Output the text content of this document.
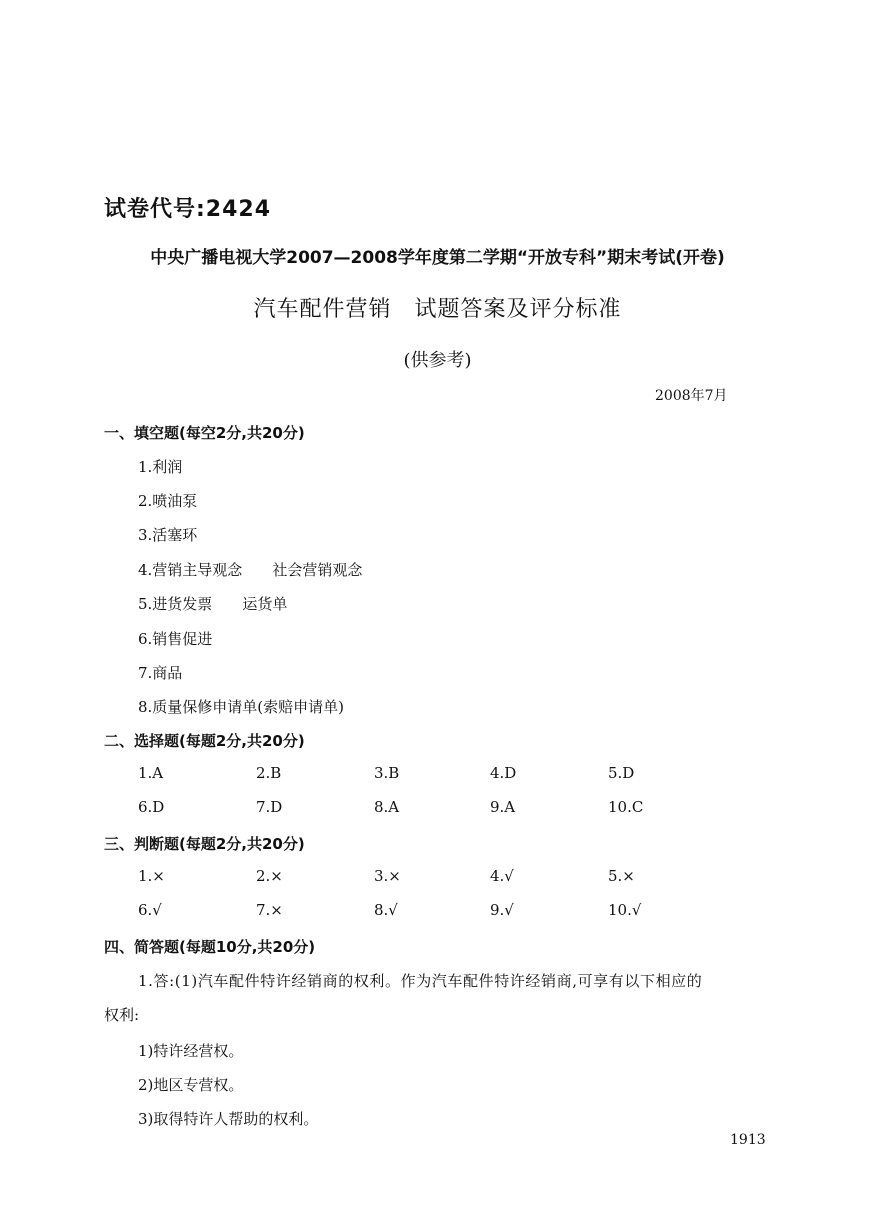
试卷代号:2424
中央广播电视大学2007—2008学年度第二学期“开放专科”期末考试(开卷)
汽车配件营销　试题答案及评分标准
(供参考)
2008年7月
一、填空题(每空2分,共20分)
1.利润
2.喷油泵
3.活塞环
4.营销主导观念 社会营销观念
5.进货发票 运货单
6.销售促进
7.商品
8.质量保修申请单(索赔申请单)
二、选择题(每题2分,共20分)
1.A	2.B	3.B	4.D	5.D
6.D	7.D	8.A	9.A	10.C
三、判断题(每题2分,共20分)
1.×	2.×	3.×	4.√	5.×
6.√	7.×	8.√	9.√	10.√
四、简答题(每题10分,共20分)
1.答:(1)汽车配件特许经销商的权利。作为汽车配件特许经销商,可享有以下相应的
权利:
1)特许经营权。
2)地区专营权。
3)取得特许人帮助的权利。
1913
